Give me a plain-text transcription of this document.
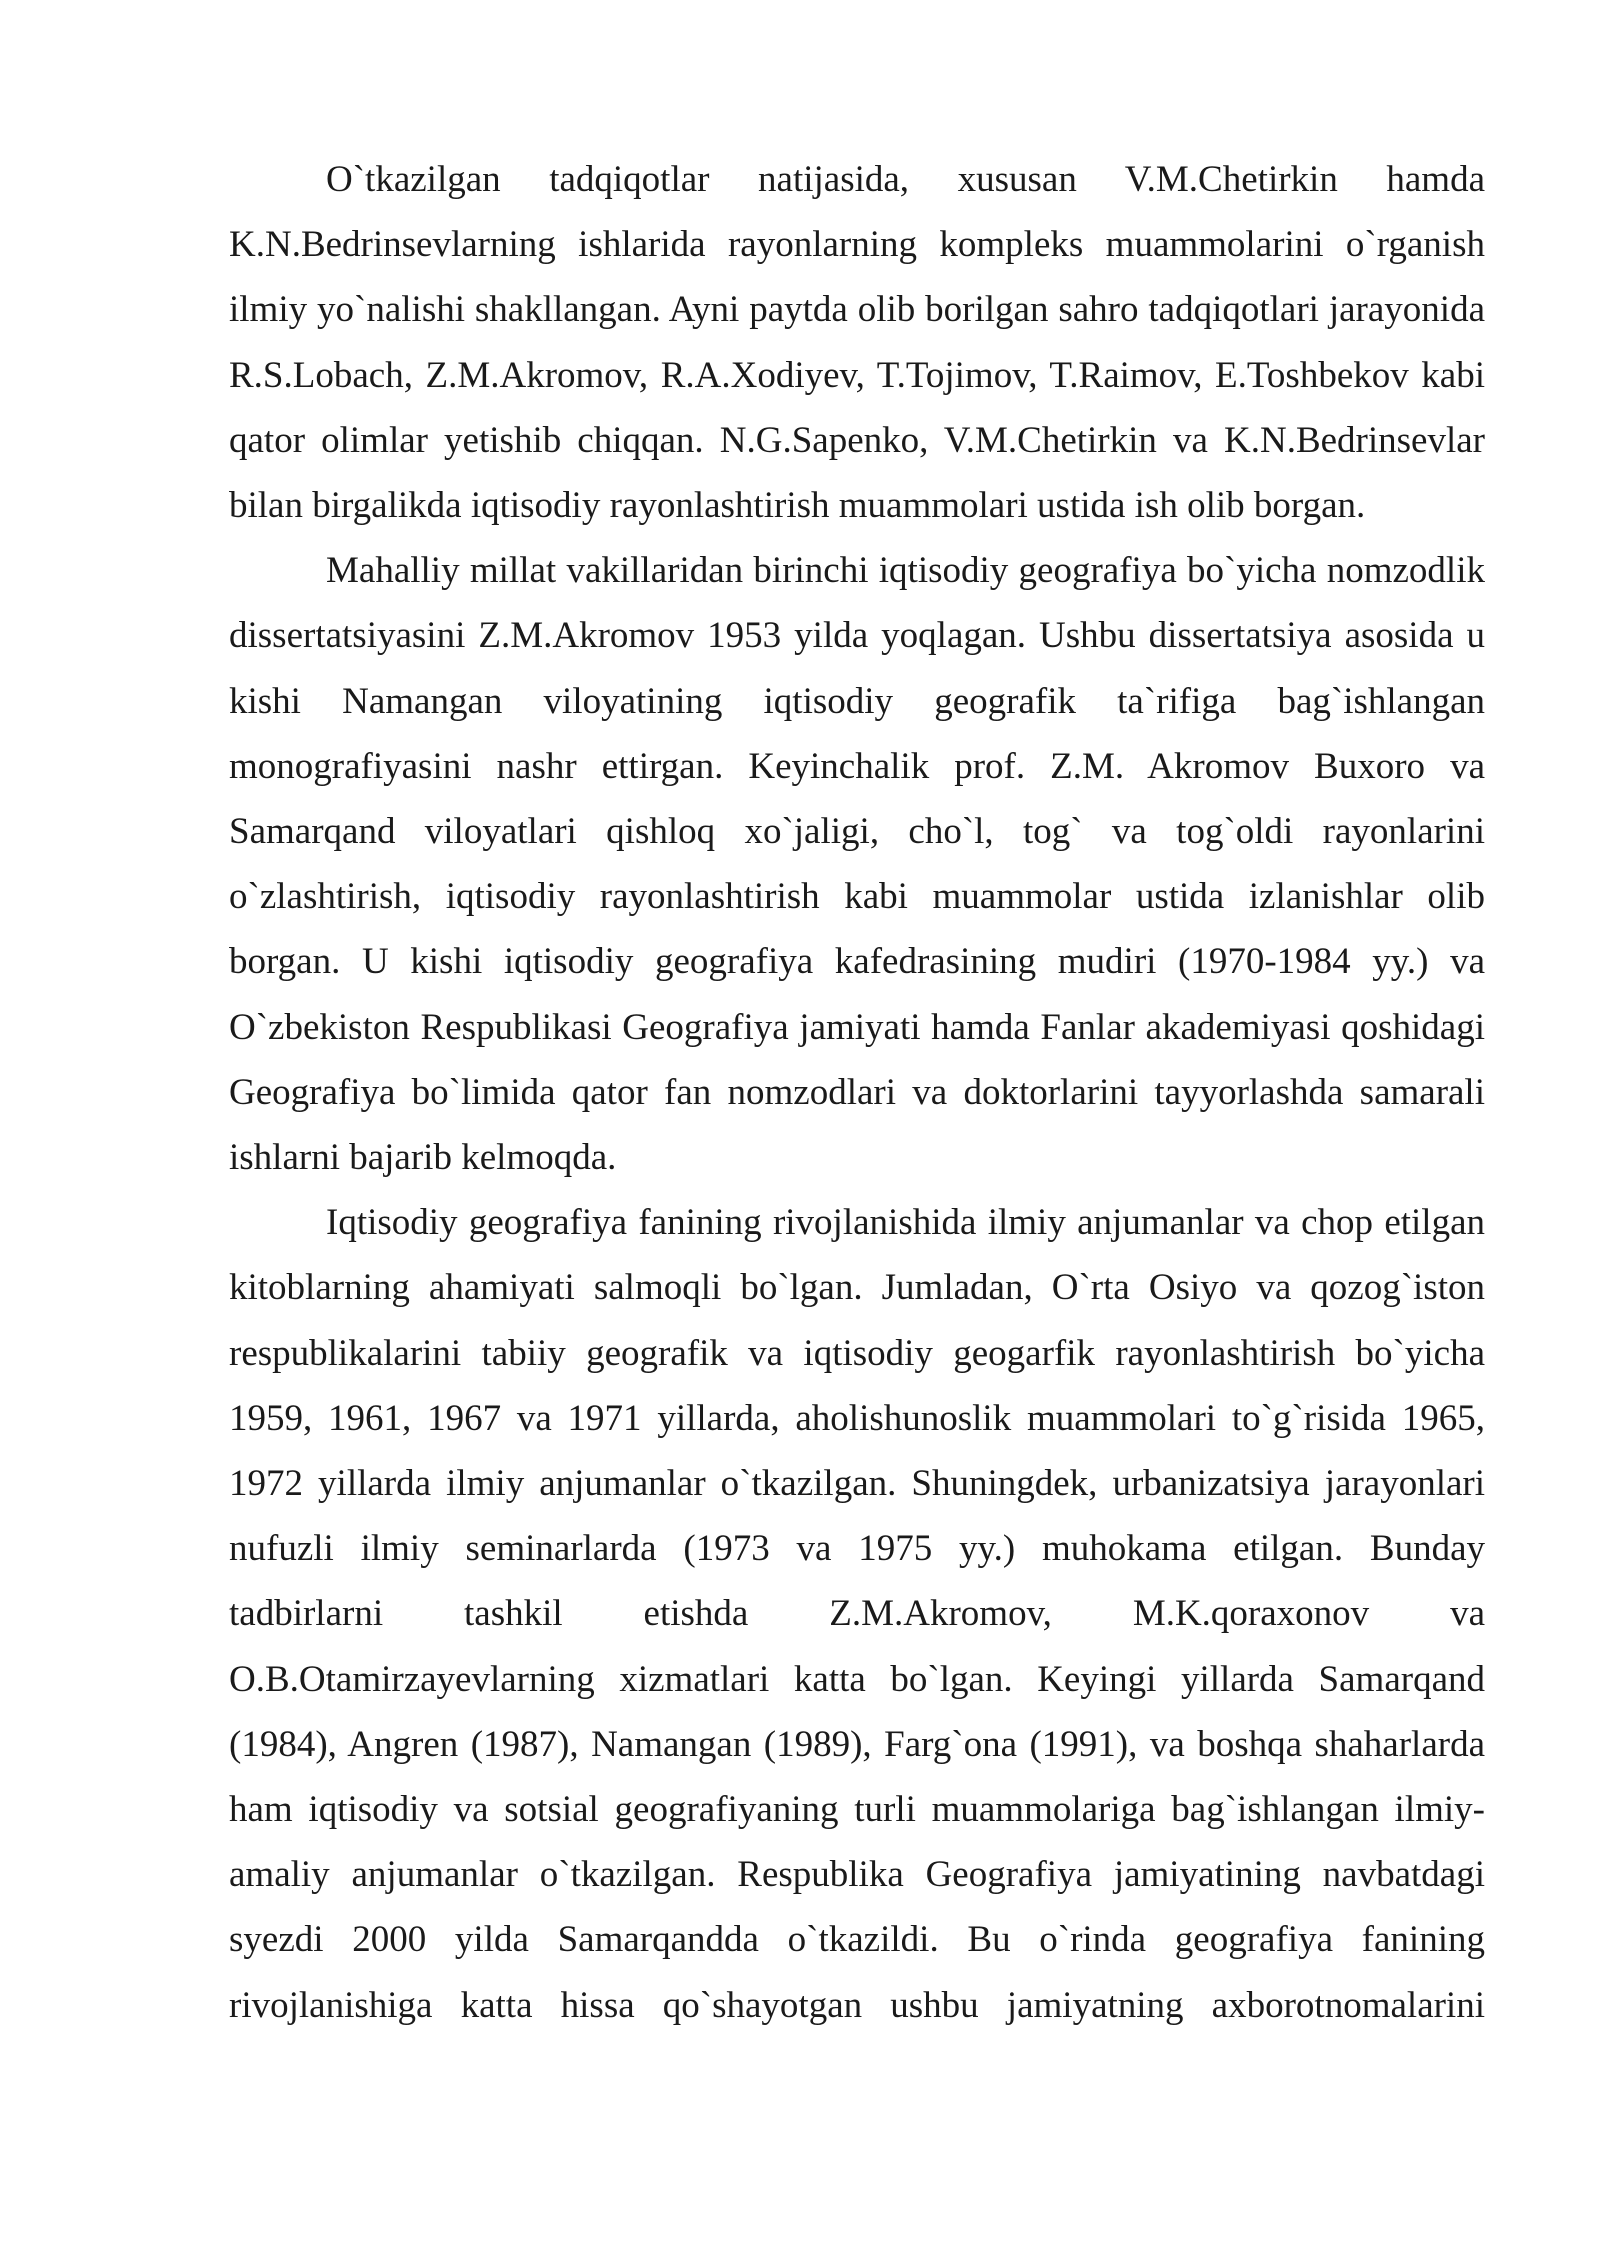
O`tkazilgan tadqiqotlar natijasida, xususan V.M.Chetirkin hamda K.N.Bedrinsevlarning ishlarida rayonlarning kompleks muammolarini o`rganish ilmiy yo`nalishi shakllangan. Ayni paytda olib borilgan sahro tadqiqotlari jarayonida R.S.Lobach, Z.M.Akromov, R.A.Xodiyev, T.Tojimov, T.Raimov, E.Toshbekov kabi qator olimlar yetishib chiqqan. N.G.Sapenko, V.M.Chetirkin va K.N.Bedrinsevlar bilan birgalikda iqtisodiy rayonlashtirish muammolari ustida ish olib borgan.

Mahalliy millat vakillaridan birinchi iqtisodiy geografiya bo`yicha nomzodlik dissertatsiyasini Z.M.Akromov 1953 yilda yoqlagan. Ushbu dissertatsiya asosida u kishi Namangan viloyatining iqtisodiy geografik ta`rifiga bag`ishlangan monografiyasini nashr ettirgan. Keyinchalik prof. Z.M. Akromov Buxoro va Samarqand viloyatlari qishloq xo`jaligi, cho`l, tog` va tog`oldi rayonlarini o`zlashtirish, iqtisodiy rayonlashtirish kabi muammolar ustida izlanishlar olib borgan. U kishi iqtisodiy geografiya kafedrasining mudiri (1970-1984 yy.) va O`zbekiston Respublikasi Geografiya jamiyati hamda Fanlar akademiyasi qoshidagi Geografiya bo`limida qator fan nomzodlari va doktorlarini tayyorlashda samarali ishlarni bajarib kelmoqda.

Iqtisodiy geografiya fanining rivojlanishida ilmiy anjumanlar va chop etilgan kitoblarning ahamiyati salmoqli bo`lgan. Jumladan, O`rta Osiyo va qozog`iston respublikalarini tabiiy geografik va iqtisodiy geogarfik rayonlashtirish bo`yicha 1959, 1961, 1967 va 1971 yillarda, aholishunoslik muammolari to`g`risida 1965, 1972 yillarda ilmiy anjumanlar o`tkazilgan. Shuningdek, urbanizatsiya jarayonlari nufuzli ilmiy seminarlarda (1973 va 1975 yy.) muhokama etilgan. Bunday tadbirlarni tashkil etishda Z.M.Akromov, M.K.qoraxonov va O.B.Otamirzayevlarning xizmatlari katta bo`lgan. Keyingi yillarda Samarqand (1984), Angren (1987), Namangan (1989), Farg`ona (1991), va boshqa shaharlarda ham iqtisodiy va sotsial geografiyaning turli muammolariga bag`ishlangan ilmiy-amaliy anjumanlar o`tkazilgan. Respublika Geografiya jamiyatining navbatdagi syezdi 2000 yilda Samarqandda o`tkazildi. Bu o`rinda geografiya fanining rivojlanishiga katta hissa qo`shayotgan ushbu jamiyatning axborotnomalarini
